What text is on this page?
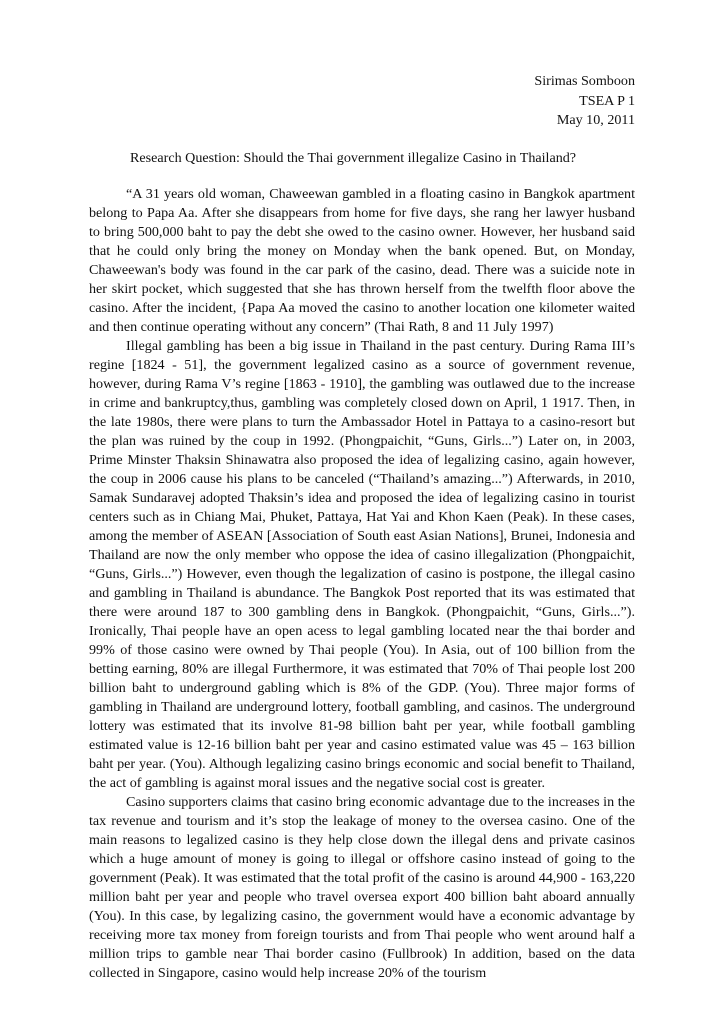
Sirimas Somboon
TSEA P 1
May 10, 2011
Research Question: Should the Thai government illegalize Casino in Thailand?

“A 31 years old woman, Chaweewan gambled in a floating casino in Bangkok apartment belong to Papa Aa. After she disappears from home for five days, she rang her lawyer husband to bring 500,000 baht to pay the debt she owed to the casino owner. However, her husband said that he could only bring the money on Monday when the bank opened. But, on Monday, Chaweewan's body was found in the car park of the casino, dead. There was a suicide note in her skirt pocket, which suggested that she has thrown herself from the twelfth floor above the casino. After the incident, {Papa Aa moved the casino to another location one kilometer waited and then continue operating without any concern” (Thai Rath, 8 and 11 July 1997)

Illegal gambling has been a big issue in Thailand in the past century. During Rama III’s regine [1824 - 51], the government legalized casino as a source of government revenue, however, during Rama V’s regine [1863 - 1910], the gambling was outlawed due to the increase in crime and bankruptcy,thus, gambling was completely closed down on April, 1 1917. Then, in the late 1980s, there were plans to turn the Ambassador Hotel in Pattaya to a casino-resort but the plan was ruined by the coup in 1992. (Phongpaichit, “Guns, Girls...”) Later on, in 2003, Prime Minster Thaksin Shinawatra also proposed the idea of legalizing casino, again however, the coup in 2006 cause his plans to be canceled (“Thailand’s amazing...”) Afterwards, in 2010, Samak Sundaravej adopted Thaksin’s idea and proposed the idea of legalizing casino in tourist centers such as in Chiang Mai, Phuket, Pattaya, Hat Yai and Khon Kaen (Peak). In these cases, among the member of ASEAN [Association of South east Asian Nations], Brunei, Indonesia and Thailand are now the only member who oppose the idea of casino illegalization (Phongpaichit, “Guns, Girls...”) However, even though the legalization of casino is postpone, the illegal casino and gambling in Thailand is abundance. The Bangkok Post reported that its was estimated that there were around 187 to 300 gambling dens in Bangkok. (Phongpaichit, “Guns, Girls...”). Ironically, Thai people have an open acess to legal gambling located near the thai border and 99% of those casino were owned by Thai people (You). In Asia, out of 100 billion from the betting earning, 80% are illegal Furthermore, it was estimated that 70% of Thai people lost 200 billion baht to underground gabling which is 8% of the GDP. (You). Three major forms of gambling in Thailand are underground lottery, football gambling, and casinos. The underground lottery was estimated that its involve 81-98 billion baht per year, while football gambling estimated value is 12-16 billion baht per year and casino estimated value was 45 – 163 billion baht per year. (You). Although legalizing casino brings economic and social benefit to Thailand, the act of gambling is against moral issues and the negative social cost is greater.

Casino supporters claims that casino bring economic advantage due to the increases in the tax revenue and tourism and it’s stop the leakage of money to the oversea casino. One of the main reasons to legalized casino is they help close down the illegal dens and private casinos which a huge amount of money is going to illegal or offshore casino instead of going to the government (Peak). It was estimated that the total profit of the casino is around 44,900 - 163,220 million baht per year and people who travel oversea export 400 billion baht aboard annually (You). In this case, by legalizing casino, the government would have a economic advantage by receiving more tax money from foreign tourists and from Thai people who went around half a million trips to gamble near Thai border casino (Fullbrook) In addition, based on the data collected in Singapore, casino would help increase 20% of the tourism
